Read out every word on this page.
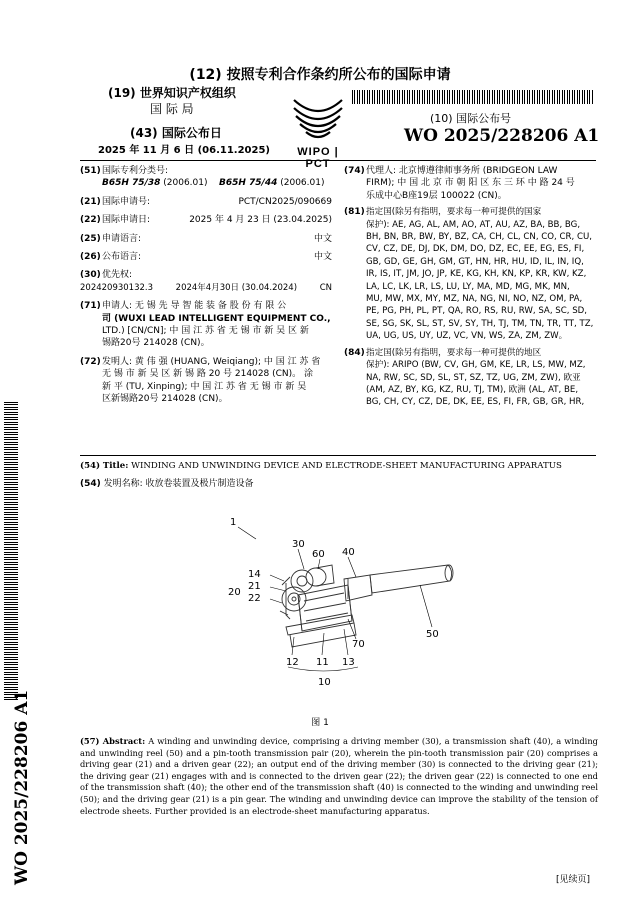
(12) 按照专利合作条约所公布的国际申请
(19) 世界知识产权组织
国 际 局
(43) 国际公布日
2025 年 11 月 6 日 (06.11.2025)	WIPO | PCT
(10) 国际公布号
WO 2025/228206 A1
(51) 国际专利分类号:
B65H 75/38 (2006.01) B65H 75/44 (2006.01)
(21)国际申请号:	PCT/CN2025/090669
(22)国际申请日:	2025 年 4 月 23 日 (23.04.2025)
(25)申请语言:	中文
(26)公布语言:	中文
(30) 优先权:
202420930132.3	2024年4月30日 (30.04.2024)	CN
(71) 申请人: 无 锡 先 导 智 能 装 备 股 份 有 限 公
司 (WUXI LEAD INTELLIGENT EQUIPMENT CO.,
LTD.) [CN/CN]; 中 国 江 苏 省 无 锡 市 新 吴 区 新
锡路20号 214028 (CN)。
(72) 发明人: 黄 伟 强 (HUANG, Weiqiang); 中 国 江 苏 省
无 锡 市 新 吴 区 新 锡 路 20 号 214028 (CN)。 涂
新 平 (TU, Xinping); 中 国 江 苏 省 无 锡 市 新 吴
区新锡路20号 214028 (CN)。
(74) 代理人: 北京博遵律师事务所 (BRIDGEON LAW
FIRM); 中 国 北 京 市 朝 阳 区 东 三 环 中 路 24 号
乐成中心B座19层 100022 (CN)。
(81) 指定国(除另有指明，要求每一种可提供的国家
保护): AE, AG, AL, AM, AO, AT, AU, AZ, BA, BB, BG,
BH, BN, BR, BW, BY, BZ, CA, CH, CL, CN, CO, CR, CU,
CV, CZ, DE, DJ, DK, DM, DO, DZ, EC, EE, EG, ES, FI,
GB, GD, GE, GH, GM, GT, HN, HR, HU, ID, IL, IN, IQ,
IR, IS, IT, JM, JO, JP, KE, KG, KH, KN, KP, KR, KW, KZ,
LA, LC, LK, LR, LS, LU, LY, MA, MD, MG, MK, MN,
MU, MW, MX, MY, MZ, NA, NG, NI, NO, NZ, OM, PA,
PE, PG, PH, PL, PT, QA, RO, RS, RU, RW, SA, SC, SD,
SE, SG, SK, SL, ST, SV, SY, TH, TJ, TM, TN, TR, TT, TZ,
UA, UG, US, UY, UZ, VC, VN, WS, ZA, ZM, ZW。
(84) 指定国(除另有指明，要求每一种可提供的地区
保护): ARIPO (BW, CV, GH, GM, KE, LR, LS, MW, MZ,
NA, RW, SC, SD, SL, ST, SZ, TZ, UG, ZM, ZW), 欧亚
(AM, AZ, BY, KG, KZ, RU, TJ, TM), 欧洲 (AL, AT, BE,
BG, CH, CY, CZ, DE, DK, EE, ES, FI, FR, GB, GR, HR,
(54) Title: WINDING AND UNWINDING DEVICE AND ELECTRODE-SHEET MANUFACTURING APPARATUS
(54) 发明名称: 收放卷装置及极片制造设备
1
30
60 40
14
21
20
22
70
50
12 11 13
10
图 1
(57) Abstract: A winding and unwinding device, comprising a driving member (30), a transmission shaft (40), a winding and unwinding reel (50) and a pin-tooth transmission pair (20), wherein the pin-tooth transmission pair (20) comprises a driving gear (21) and a driven gear (22); an output end of the driving member (30) is connected to the driving gear (21); the driving gear (21) engages with and is connected to the driven gear (22); the driven gear (22) is connected to one end of the transmission shaft (40); the other end of the transmission shaft (40) is connected to the winding and unwinding reel (50); and the driving gear (21) is a pin gear. The winding and unwinding device can improve the stability of the tension of electrode sheets. Further provided is an electrode-sheet manufacturing apparatus.
WO 2025/228206 A1	[见续页]
